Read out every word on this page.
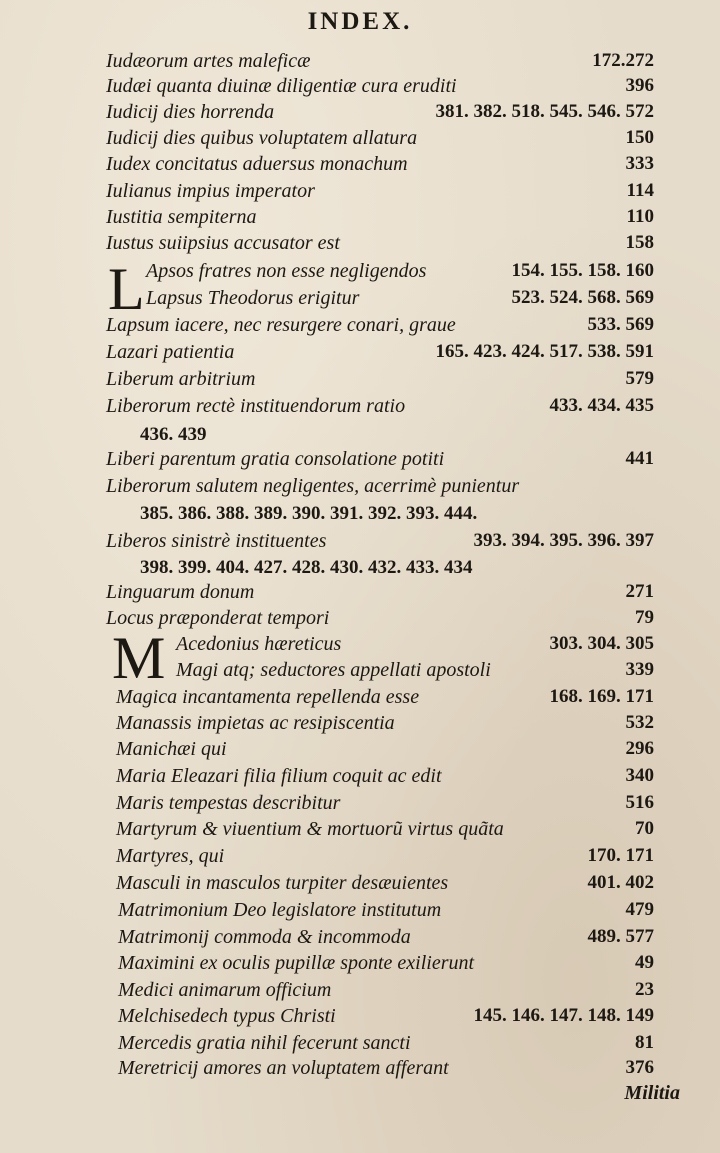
INDEX.
L
M
Iudæorum artes maleficæ	172.272
Iudæi quanta diuinæ diligentiæ cura eruditi	396
Iudicij dies horrenda	381. 382. 518. 545. 546. 572
Iudicij dies quibus voluptatem allatura	150
Iudex concitatus aduersus monachum	333
Iulianus impius imperator	114
Iustitia sempiterna	110
Iustus suiipsius accusator est	158
Apsos fratres non esse negligendos	154. 155. 158. 160
Lapsus Theodorus erigitur	523. 524. 568. 569
Lapsum iacere, nec resurgere conari, graue	533. 569
Lazari patientia	165. 423. 424. 517. 538. 591
Liberum arbitrium	579
Liberorum rectè instituendorum ratio	433. 434. 435
436. 439
Liberi parentum gratia consolatione potiti	441
Liberorum salutem negligentes, acerrimè punientur
385. 386. 388. 389. 390. 391. 392. 393. 444.
Liberos sinistrè instituentes	393. 394. 395. 396. 397
398. 399. 404. 427. 428. 430. 432. 433. 434
Linguarum donum	271
Locus præponderat tempori	79
Acedonius hæreticus	303. 304. 305
Magi atq; seductores appellati apostoli	339
Magica incantamenta repellenda esse	168. 169. 171
Manassis impietas ac resipiscentia	532
Manichæi qui	296
Maria Eleazari filia filium coquit ac edit	340
Maris tempestas describitur	516
Martyrum & viuentium & mortuorũ virtus quãta	70
Martyres, qui	170. 171
Masculi in masculos turpiter desæuientes	401. 402
Matrimonium Deo legislatore institutum	479
Matrimonij commoda & incommoda	489. 577
Maximini ex oculis pupillæ sponte exilierunt	49
Medici animarum officium	23
Melchisedech typus Christi	145. 146. 147. 148. 149
Mercedis gratia nihil fecerunt sancti	81
Meretricij amores an voluptatem afferant	376
Militia
